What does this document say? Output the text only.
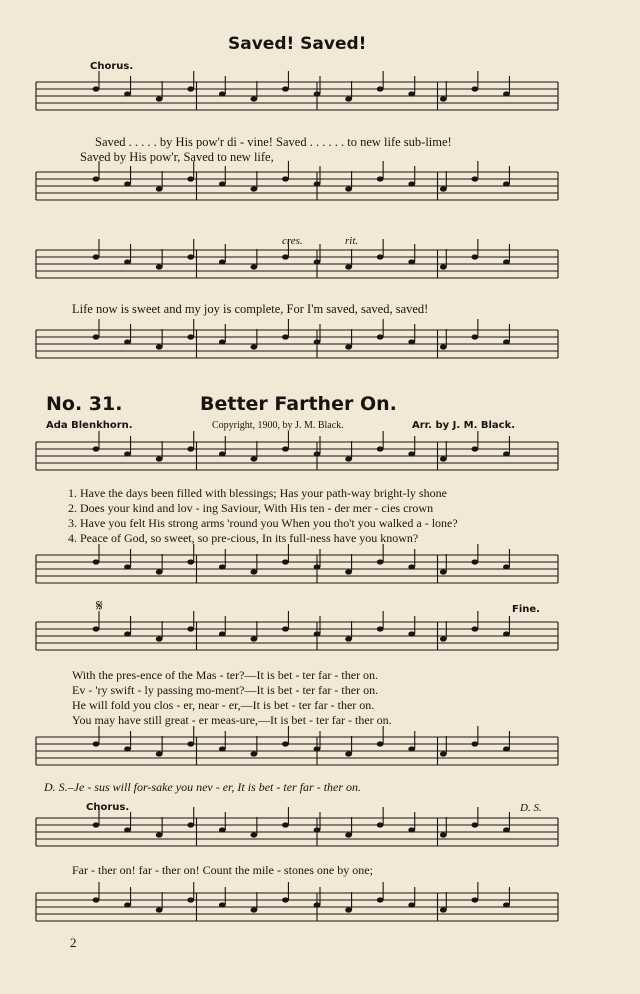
Saved! Saved!
Chorus.
Saved . . . . . by His pow'r di - vine! Saved . . . . . . to new life sub-lime!
Saved by His pow'r, Saved to new life,
cres.	rit.
Life now is sweet and my joy is complete, For I'm saved, saved, saved!
No. 31.	Better Farther On.
Ada Blenkhorn.	Copyright, 1900, by J. M. Black.	Arr. by J. M. Black.
1. Have the days been filled with blessings; Has your path-way bright-ly shone
2. Does your kind and lov - ing Saviour, With His ten - der mer - cies crown
3. Have you felt His strong arms 'round you When you tho't you walked a - lone?
4. Peace of God, so sweet, so pre-cious, In its full-ness have you known?
𝄋	Fine.
With the pres-ence of the Mas - ter?—It is bet - ter far - ther on.
Ev - 'ry swift - ly passing mo-ment?—It is bet - ter far - ther on.
He will fold you clos - er, near - er,—It is bet - ter far - ther on.
You may have still great - er meas-ure,—It is bet - ter far - ther on.
D. S.–Je - sus will for-sake you nev - er, It is bet - ter far - ther on.
Chorus.	D. S.
Far - ther on! far - ther on! Count the mile - stones one by one;
2
